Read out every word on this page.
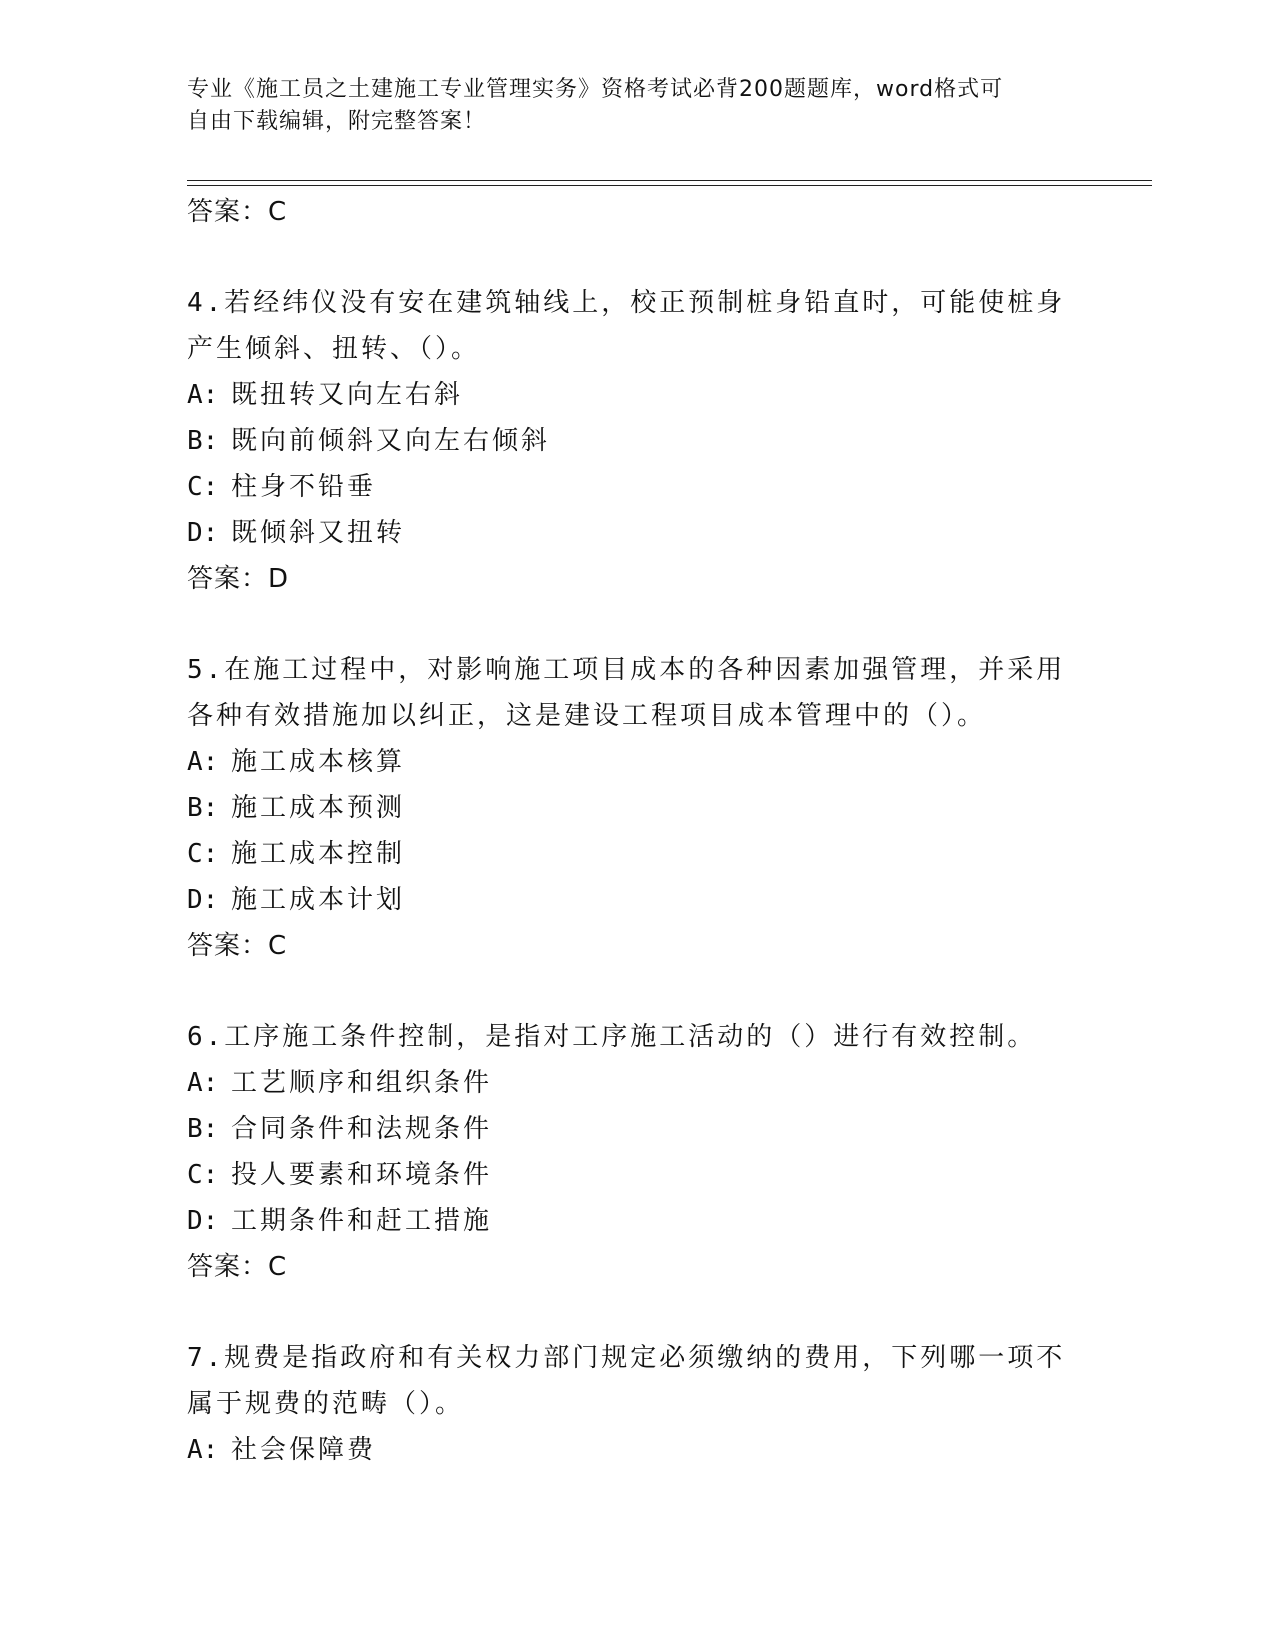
专业《施工员之土建施工专业管理实务》资格考试必背200题题库，word格式可
自由下载编辑，附完整答案！
答案：C
4.若经纬仪没有安在建筑轴线上，校正预制桩身铅直时，可能使桩身
产生倾斜、扭转、（）。
A: 既扭转又向左右斜
B: 既向前倾斜又向左右倾斜
C: 柱身不铅垂
D: 既倾斜又扭转
答案：D
5.在施工过程中，对影响施工项目成本的各种因素加强管理，并采用
各种有效措施加以纠正，这是建设工程项目成本管理中的（）。
A: 施工成本核算
B: 施工成本预测
C: 施工成本控制
D: 施工成本计划
答案：C
6.工序施工条件控制，是指对工序施工活动的（）进行有效控制。
A: 工艺顺序和组织条件
B: 合同条件和法规条件
C: 投人要素和环境条件
D: 工期条件和赶工措施
答案：C
7.规费是指政府和有关权力部门规定必须缴纳的费用，下列哪一项不
属于规费的范畴（）。
A: 社会保障费
